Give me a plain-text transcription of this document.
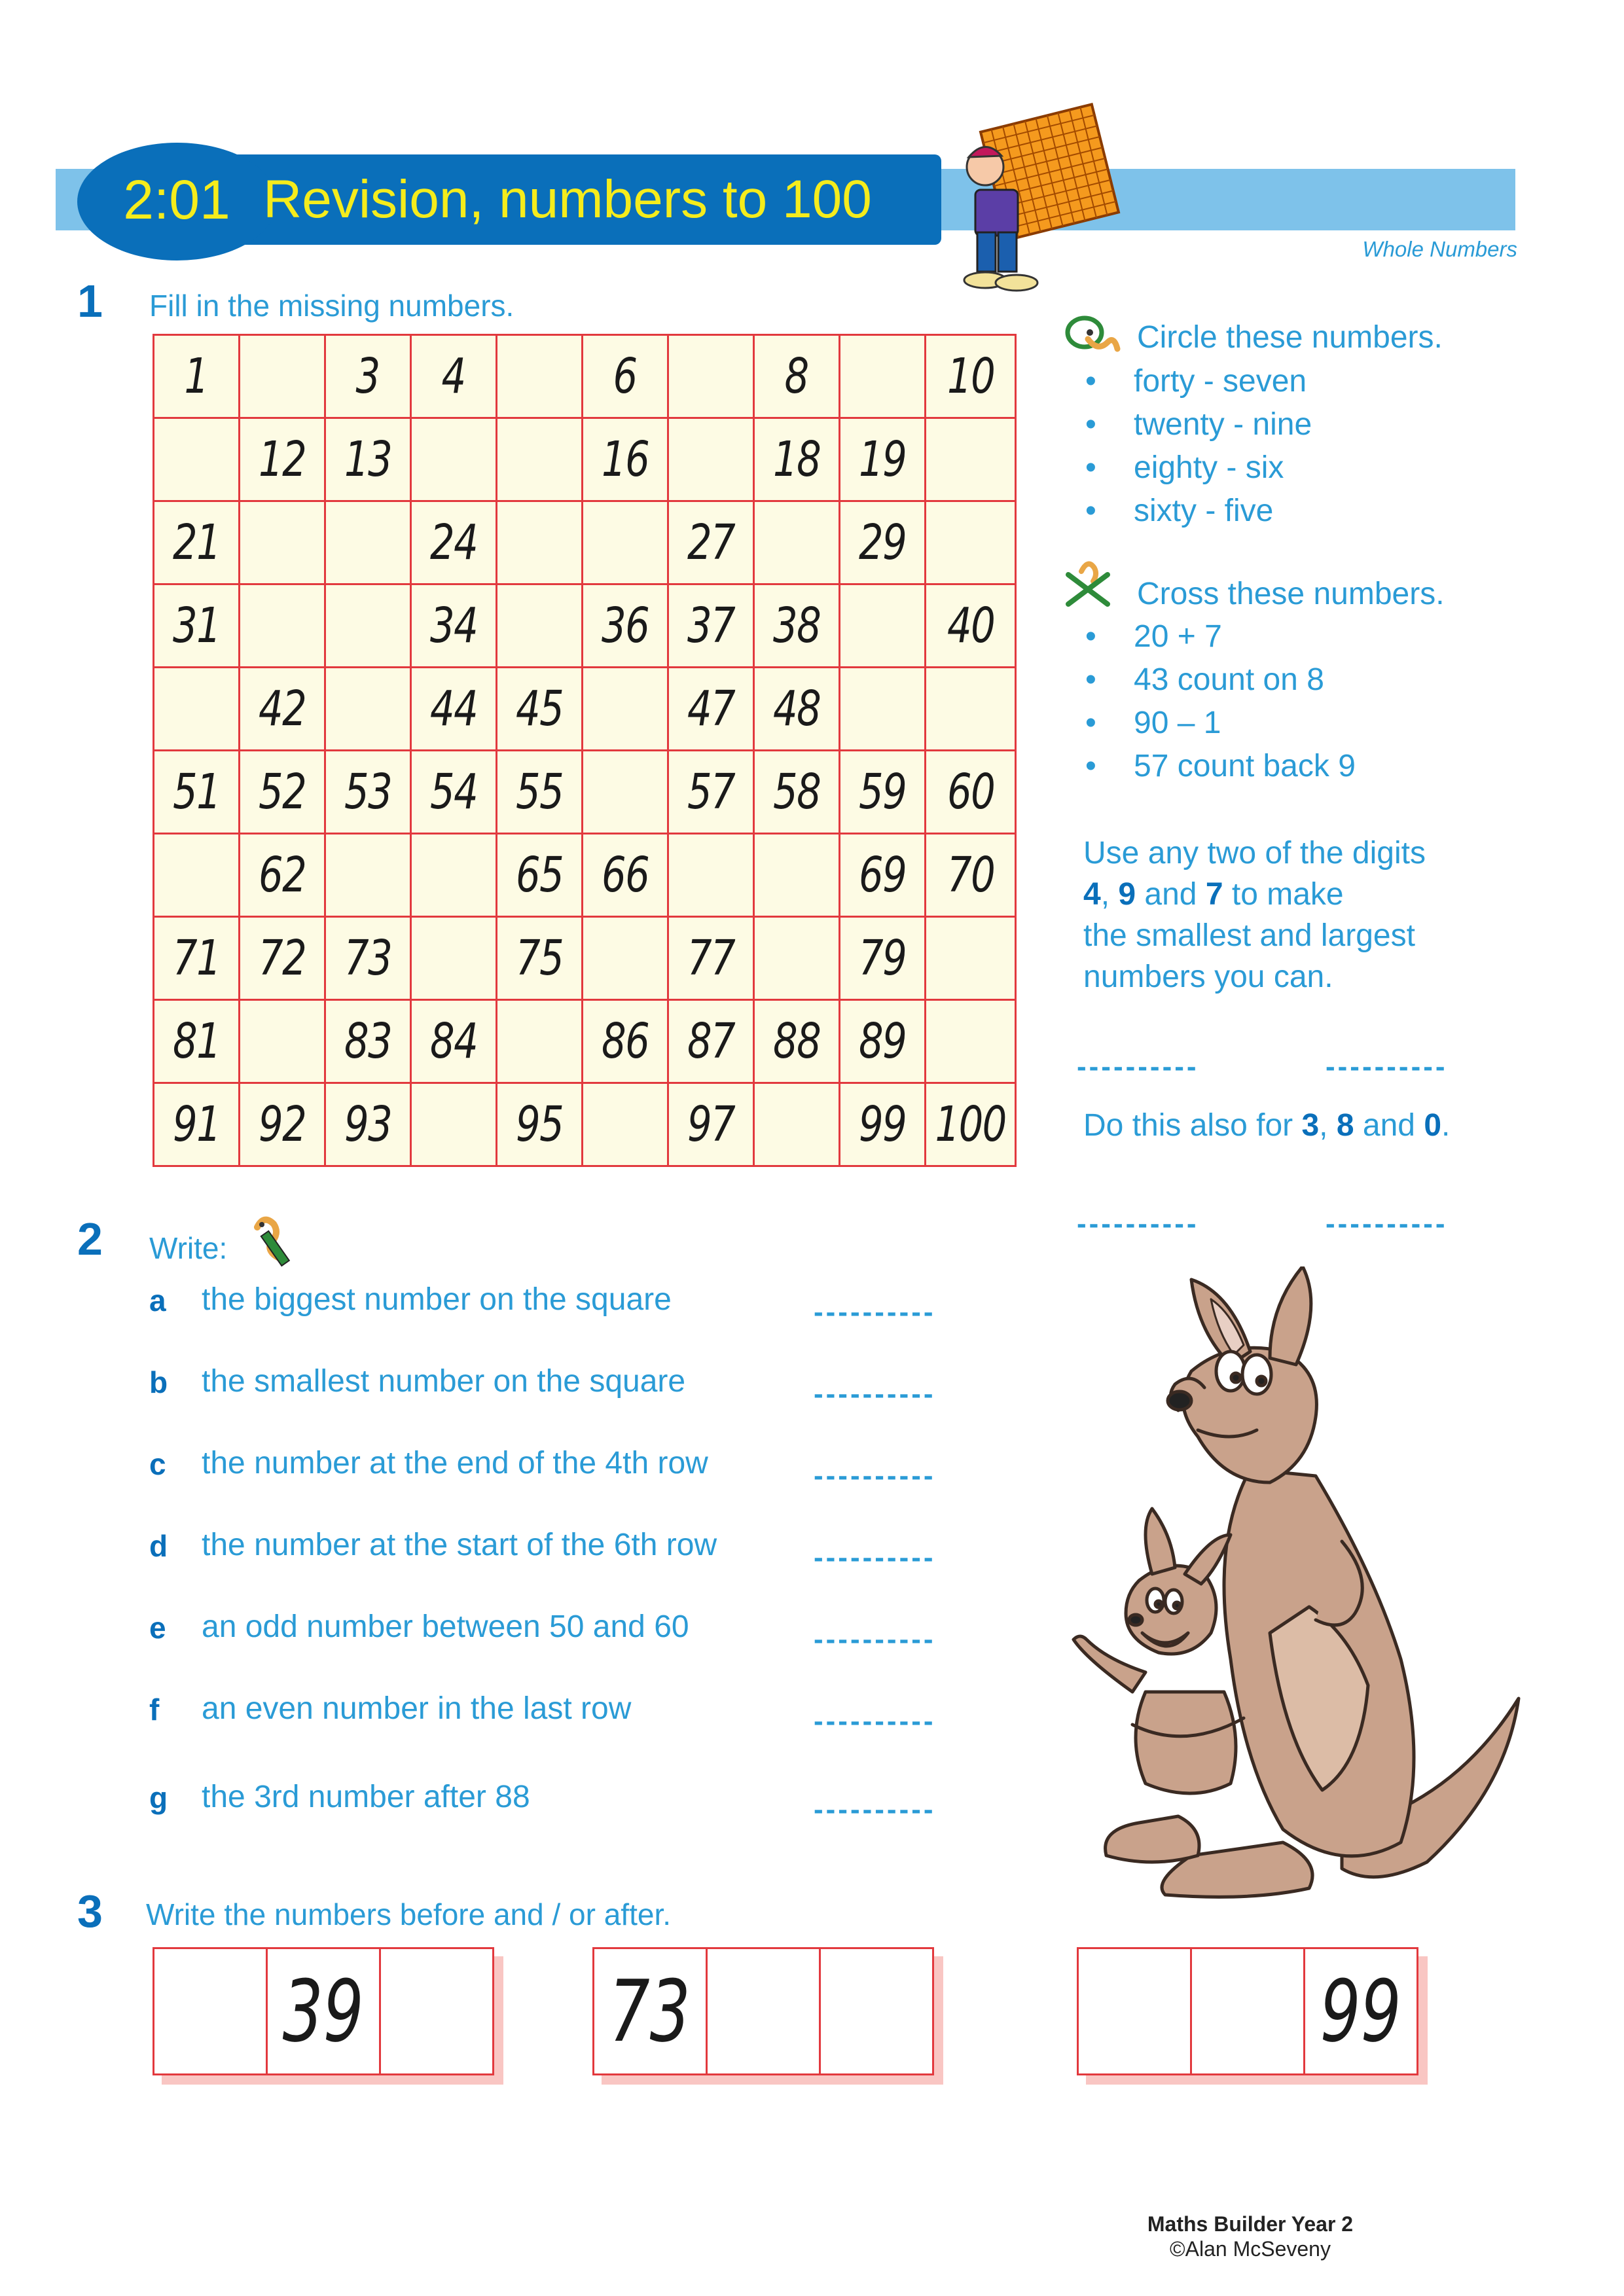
2:01 Revision, numbers to 100
Whole Numbers
1 Fill in the missing numbers.
1		3	4		6		8		10
	12	13			16		18	19	
21			24			27		29	
31			34		36	37	38		40
	42		44	45		47	48		
51	52	53	54	55		57	58	59	60
	62			65	66			69	70
71	72	73		75		77		79	
81		83	84		86	87	88	89	
91	92	93		95		97		99	100
Circle these numbers.
• forty - seven
• twenty - nine
• eighty - six
• sixty - five
Cross these numbers.
• 20 + 7
• 43 count on 8
• 90 – 1
• 57 count back 9
Use any two of the digits
4, 9 and 7 to make
the smallest and largest
numbers you can.
----------	----------
Do this also for 3, 8 and 0.
----------	----------
2 Write:
a	the biggest number on the square	----------
b	the smallest number on the square	----------
c	the number at the end of the 4th row	----------
d	the number at the start of the 6th row	----------
e	an odd number between 50 and 60	----------
f	an even number in the last row	----------
g	the 3rd number after 88	----------
3 Write the numbers before and / or after.
39	73	99
Maths Builder Year 2
©Alan McSeveny
